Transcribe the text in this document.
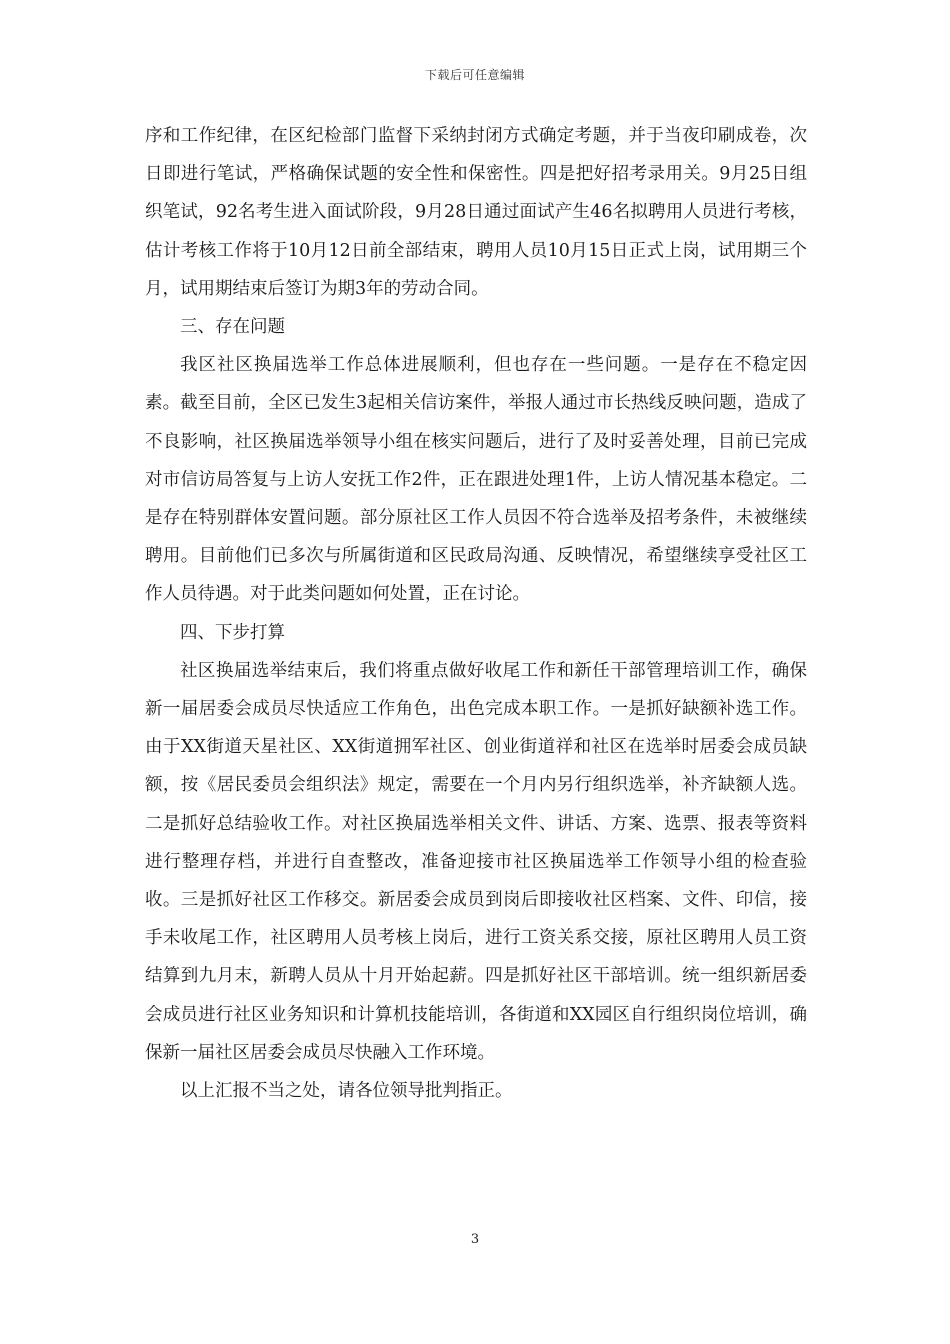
下载后可任意编辑

序和工作纪律，在区纪检部门监督下采纳封闭方式确定考题，并于当夜印刷成卷，次日即进行笔试，严格确保试题的安全性和保密性。四是把好招考录用关。9月25日组织笔试，92名考生进入面试阶段，9月28日通过面试产生46名拟聘用人员进行考核，估计考核工作将于10月12日前全部结束，聘用人员10月15日正式上岗，试用期三个月，试用期结束后签订为期3年的劳动合同。

三、存在问题

我区社区换届选举工作总体进展顺利，但也存在一些问题。一是存在不稳定因素。截至目前，全区已发生3起相关信访案件，举报人通过市长热线反映问题，造成了不良影响，社区换届选举领导小组在核实问题后，进行了及时妥善处理，目前已完成对市信访局答复与上访人安抚工作2件，正在跟进处理1件，上访人情况基本稳定。二是存在特别群体安置问题。部分原社区工作人员因不符合选举及招考条件，未被继续聘用。目前他们已多次与所属街道和区民政局沟通、反映情况，希望继续享受社区工作人员待遇。对于此类问题如何处置，正在讨论。

四、下步打算

社区换届选举结束后，我们将重点做好收尾工作和新任干部管理培训工作，确保新一届居委会成员尽快适应工作角色，出色完成本职工作。一是抓好缺额补选工作。由于XX街道天星社区、XX街道拥军社区、创业街道祥和社区在选举时居委会成员缺额，按《居民委员会组织法》规定，需要在一个月内另行组织选举，补齐缺额人选。二是抓好总结验收工作。对社区换届选举相关文件、讲话、方案、选票、报表等资料进行整理存档，并进行自查整改，准备迎接市社区换届选举工作领导小组的检查验收。三是抓好社区工作移交。新居委会成员到岗后即接收社区档案、文件、印信，接手未收尾工作，社区聘用人员考核上岗后，进行工资关系交接，原社区聘用人员工资结算到九月末，新聘人员从十月开始起薪。四是抓好社区干部培训。统一组织新居委会成员进行社区业务知识和计算机技能培训，各街道和XX园区自行组织岗位培训，确保新一届社区居委会成员尽快融入工作环境。

以上汇报不当之处，请各位领导批判指正。

3
